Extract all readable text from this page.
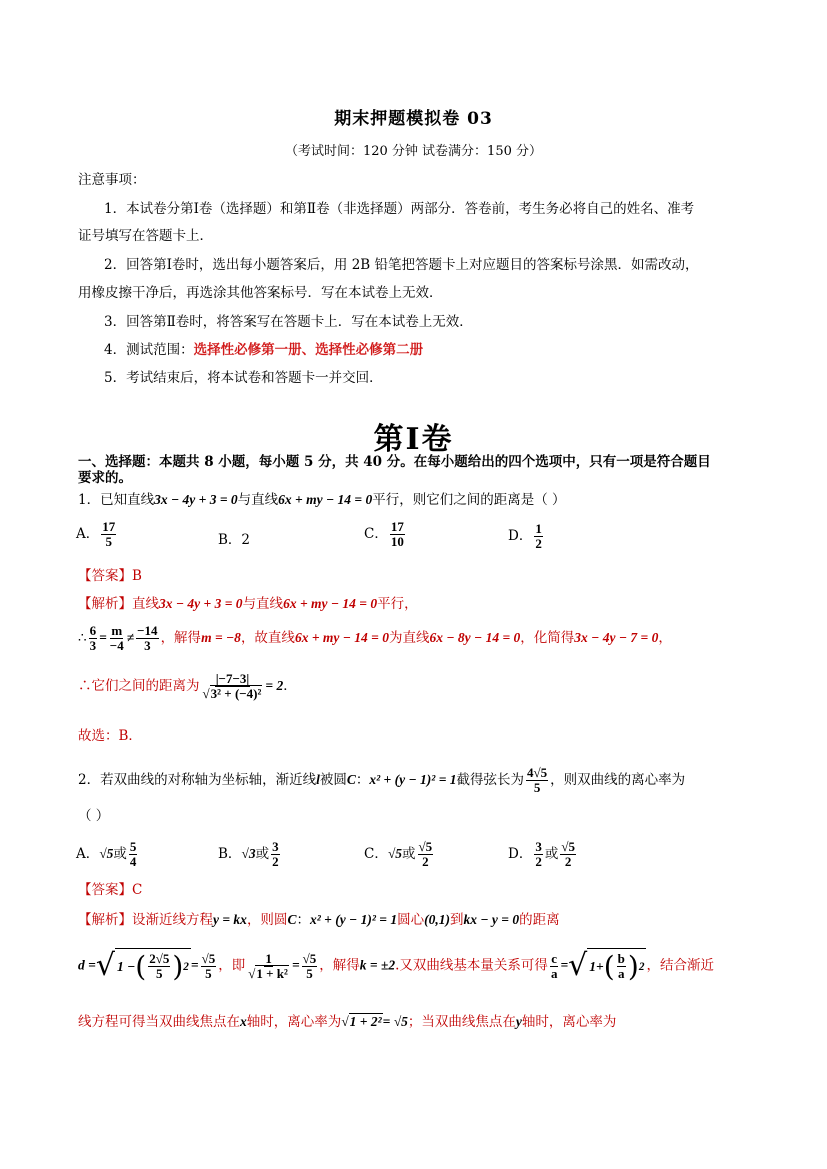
期末押题模拟卷 03
（考试时间：120 分钟 试卷满分：150 分）
注意事项：
1．本试卷分第Ⅰ卷（选择题）和第Ⅱ卷（非选择题）两部分．答卷前，考生务必将自己的姓名、准考
证号填写在答题卡上．
2．回答第Ⅰ卷时，选出每小题答案后，用 2B 铅笔把答题卡上对应题目的答案标号涂黑．如需改动，
用橡皮擦干净后，再选涂其他答案标号．写在本试卷上无效．
3．回答第Ⅱ卷时，将答案写在答题卡上．写在本试卷上无效．
4．测试范围：选择性必修第一册、选择性必修第二册
5．考试结束后，将本试卷和答题卡一并交回．
第Ⅰ卷
一、选择题：本题共 8 小题，每小题 5 分，共 40 分。在每小题给出的四个选项中，只有一项是符合题目
要求的。
1．已知直线3x − 4y + 3 = 0与直线6x + my − 14 = 0平行，则它们之间的距离是（ ）
A． $\frac{17}{5}$	B．2	C． $\frac{17}{10}$	D． $\frac{1}{2}$
【答案】B
【解析】直线3x − 4y + 3 = 0与直线6x + my − 14 = 0平行，
∴ $\frac{6}{3} = \frac{m}{-4} \ne \frac{-14}{3}$ ，解得m = −8，故直线6x + my − 14 = 0为直线6x − 8y − 14 = 0，化简得3x − 4y − 7 = 0，
∴它们之间的距离为 $\frac{|-7-3|}{\text{√3² + (−4)²}} = 2$．
故选：B．
2．若双曲线的对称轴为坐标轴，渐近线l被圆C：x² + (y − 1)² = 1截得弦长为 $\frac{4√5}{5}$ ，则双曲线的离心率为
（ ）
A．√5或 $\frac{5}{4}$	B．√3或 $\frac{3}{2}$	C．√5或 $\frac{√5}{2}$	D． $\frac{3}{2}$ 或 $\frac{√5}{2}$
【答案】C
【解析】设渐近线方程y = kx，则圆C：x² + (y − 1)² = 1圆心(0,1)到kx − y = 0的距离
d = √ 1 − ( $\frac{2√5}{5}$ ) $2 = \frac{√5}{5}$ ，即 $\frac{1}{\text{√1 + k²}} = \frac{√5}{5}$ ，解得k = ±2.又双曲线基本量关系可得 $\frac{c}{a}$ = √ 1+ ( $\frac{b}{a}$ ) 2 ，结合渐近
线方程可得当双曲线焦点在x轴时，离心率为√1 + 2²= √5；当双曲线焦点在y轴时，离心率为
